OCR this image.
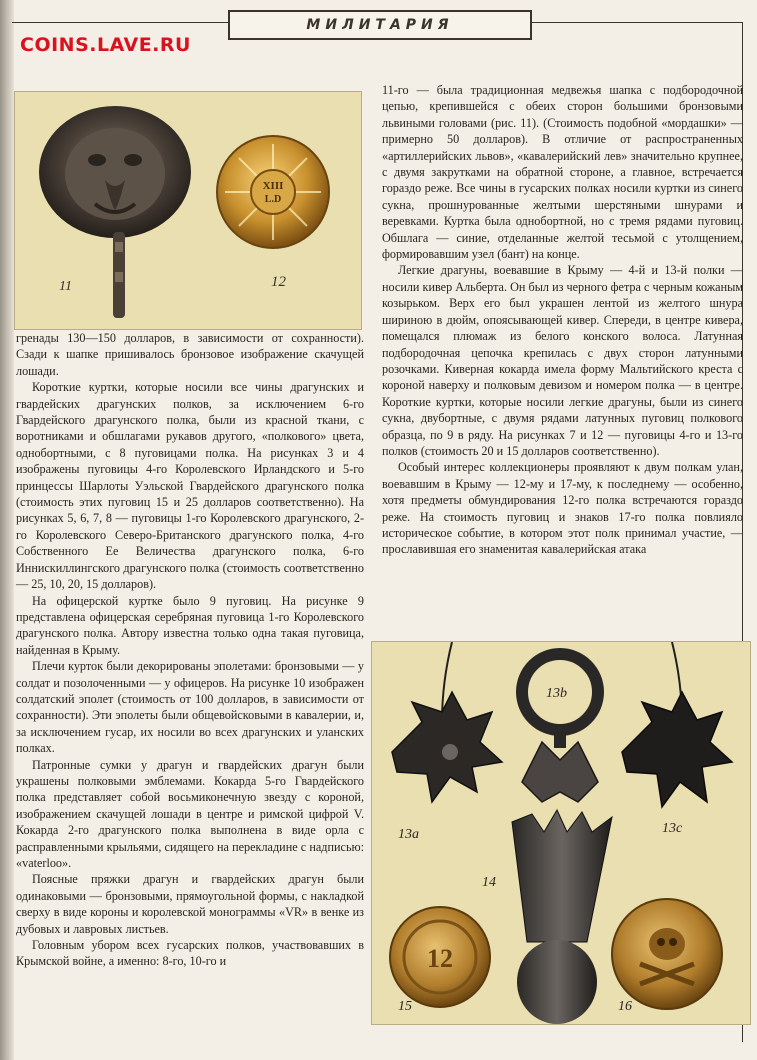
МИЛИТАРИЯ
COINS.LAVE.RU
XIII
L.D
11	12

гренады 130—150 долларов, в зависимости от сохранности). Сзади к шапке пришивалось бронзовое изображение скачущей лошади.

Короткие куртки, которые носили все чины драгунских и гвардейских драгунских полков, за исключением 6-го Гвардейского драгунского полка, были из красной ткани, с воротниками и обшлагами рукавов другого, «полкового» цвета, однобортными, с 8 пуговицами полка. На рисунках 3 и 4 изображены пуговицы 4-го Королевского Ирландского и 5-го принцессы Шарлоты Уэльской Гвардейского драгунского полка (стоимость этих пуговиц 15 и 25 долларов соответственно). На рисунках 5, 6, 7, 8 — пуговицы 1-го Королевского драгунского, 2-го Королевского Северо-Британского драгунского полка, 4-го Собственного Ее Величества драгунского полка, 6-го Иннискиллингского драгунского полка (стоимость соответственно — 25, 10, 20, 15 долларов).

На офицерской куртке было 9 пуговиц. На рисунке 9 представлена офицерская серебряная пуговица 1-го Королевского драгунского полка. Автору известна только одна такая пуговица, найденная в Крыму.

Плечи курток были декорированы эполетами: бронзовыми — у солдат и позолоченными — у офицеров. На рисунке 10 изображен солдатский эполет (стоимость от 100 долларов, в зависимости от сохранности). Эти эполеты были общевойсковыми в кавалерии, и, за исключением гусар, их носили во всех драгунских и уланских полках.

Патронные сумки у драгун и гвардейских драгун были украшены полковыми эмблемами. Кокарда 5-го Гвардейского полка представляет собой восьмиконечную звезду с короной, изображением скачущей лошади в центре и римской цифрой V. Кокарда 2-го драгунского полка выполнена в виде орла с расправленными крыльями, сидящего на перекладине с надписью: «vaterloo».

Поясные пряжки драгун и гвардейских драгун были одинаковыми — бронзовыми, прямоугольной формы, с накладкой сверху в виде короны и королевской монограммы «VR» в венке из дубовых и лавровых листьев.

Головным убором всех гусарских полков, участвовавших в Крымской войне, а именно: 8-го, 10-го и

11-го — была традиционная медвежья шапка с подбородочной цепью, крепившейся с обеих сторон большими бронзовыми львиными головами (рис. 11). (Стоимость подобной «мордашки» — примерно 50 долларов). В отличие от распространенных «артиллерийских львов», «кавалерийский лев» значительно крупнее, с двумя закрутками на обратной стороне, а главное, встречается гораздо реже. Все чины в гусарских полках носили куртки из синего сукна, прошнурованные желтыми шерстяными шнурами и веревками. Куртка была однобортной, но с тремя рядами пуговиц. Обшлага — синие, отделанные желтой тесьмой с утолщением, формировавшим узел (бант) на конце.

Легкие драгуны, воевавшие в Крыму — 4-й и 13-й полки — носили кивер Альберта. Он был из черного фетра с черным кожаным козырьком. Верх его был украшен лентой из желтого шнура шириною в дюйм, опоясывающей кивер. Спереди, в центре кивера, помещался плюмаж из белого конского волоса. Латунная подбородочная цепочка крепилась с двух сторон латунными розочками. Киверная кокарда имела форму Мальтийского креста с короной наверху и полковым девизом и номером полка — в центре. Короткие куртки, которые носили легкие драгуны, были из синего сукна, двубортные, с двумя рядами латунных пуговиц полкового образца, по 9 в ряду. На рисунках 7 и 12 — пуговицы 4-го и 13-го полков (стоимость 20 и 15 долларов соответственно).

Особый интерес коллекционеры проявляют к двум полкам улан, воевавшим в Крыму — 12-му и 17-му, к последнему — особенно, хотя предметы обмундирования 12-го полка встречаются гораздо реже. На стоимость пуговиц и знаков 17-го полка повлияло историческое событие, в котором этот полк принимал участие, — прославившая его знаменитая кавалерийская атака

12
13b
13a	13c
14
15	16
